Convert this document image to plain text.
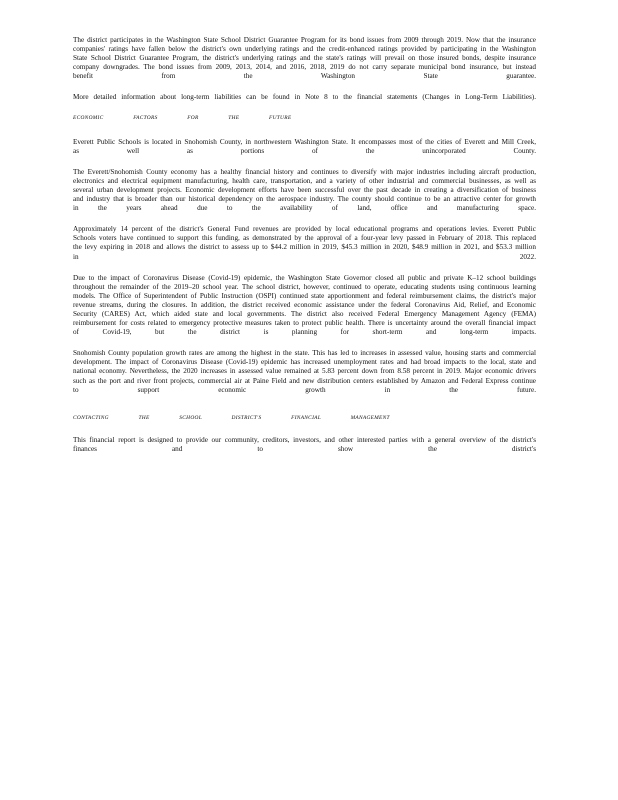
The district participates in the Washington State School District Guarantee Program for its bond issues from 2009 through 2019. Now that the insurance companies' ratings have fallen below the district's own underlying ratings and the credit-enhanced ratings provided by participating in the Washington State School District Guarantee Program, the district's underlying ratings and the state's ratings will prevail on those insured bonds, despite insurance company downgrades. The bond issues from 2009, 2013, 2014, and 2016, 2018, 2019 do not carry separate municipal bond insurance, but instead benefit from the Washington State guarantee.

More detailed information about long-term liabilities can be found in Note 8 to the financial statements (Changes in Long-Term Liabilities).

ECONOMIC FACTORS FOR THE FUTURE

Everett Public Schools is located in Snohomish County, in northwestern Washington State. It encompasses most of the cities of Everett and Mill Creek, as well as portions of the unincorporated County.

The Everett/Snohomish County economy has a healthy financial history and continues to diversify with major industries including aircraft production, electronics and electrical equipment manufacturing, health care, transportation, and a variety of other industrial and commercial businesses, as well as several urban development projects. Economic development efforts have been successful over the past decade in creating a diversification of business and industry that is broader than our historical dependency on the aerospace industry. The county should continue to be an attractive center for growth in the years ahead due to the availability of land, office and manufacturing space.

Approximately 14 percent of the district's General Fund revenues are provided by local educational programs and operations levies. Everett Public Schools voters have continued to support this funding, as demonstrated by the approval of a four-year levy passed in February of 2018. This replaced the levy expiring in 2018 and allows the district to assess up to $44.2 million in 2019, $45.3 million in 2020, $48.9 million in 2021, and $53.3 million in 2022.

Due to the impact of Coronavirus Disease (Covid-19) epidemic, the Washington State Governor closed all public and private K–12 school buildings throughout the remainder of the 2019–20 school year. The school district, however, continued to operate, educating students using continuous learning models. The Office of Superintendent of Public Instruction (OSPI) continued state apportionment and federal reimbursement claims, the district's major revenue streams, during the closures. In addition, the district received economic assistance under the federal Coronavirus Aid, Relief, and Economic Security (CARES) Act, which aided state and local governments. The district also received Federal Emergency Management Agency (FEMA) reimbursement for costs related to emergency protective measures taken to protect public health. There is uncertainty around the overall financial impact of Covid-19, but the district is planning for short-term and long-term impacts.

Snohomish County population growth rates are among the highest in the state. This has led to increases in assessed value, housing starts and commercial development. The impact of Coronavirus Disease (Covid-19) epidemic has increased unemployment rates and had broad impacts to the local, state and national economy. Nevertheless, the 2020 increases in assessed value remained at 5.83 percent down from 8.58 percent in 2019. Major economic drivers such as the port and river front projects, commercial air at Paine Field and new distribution centers established by Amazon and Federal Express continue to support economic growth in the future.

CONTACTING THE SCHOOL DISTRICT'S FINANCIAL MANAGEMENT

This financial report is designed to provide our community, creditors, investors, and other interested parties with a general overview of the district's finances and to show the district's
